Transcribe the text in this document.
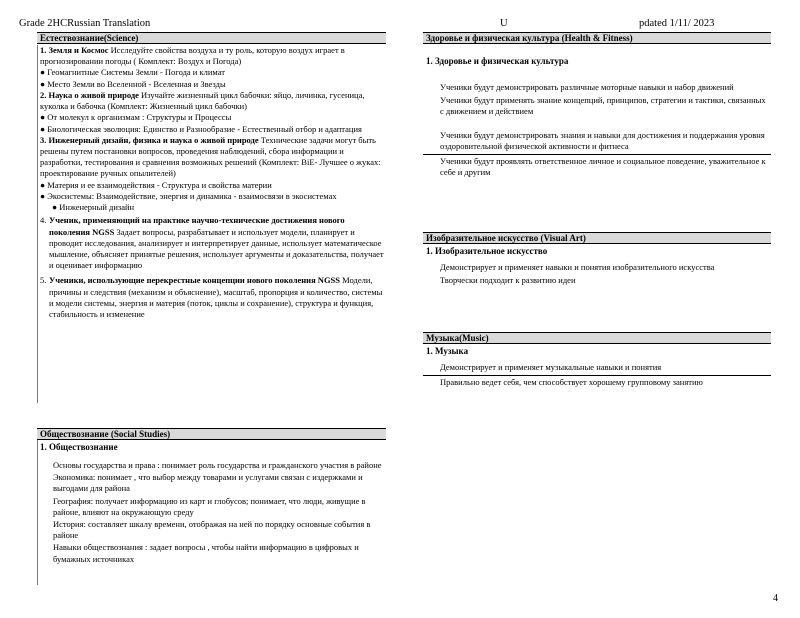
Grade 2HCRussian Translation	U	pdated 1/11/ 2023
Естествознание(Science)

1. Земля и Космос Исследуйте свойства воздуха и ту роль, которую воздух играет в прогнозировании погоды ( Комплект: Воздух и Погода)

● Геомагнитные Системы Земли - Погода и климат

● Место Земли во Вселенной - Вселенная и Звезды

2. Наука о живой природе Изучайте жизненный цикл бабочки: яйцо, личинка, гусеница, куколка и бабочка (Комплект: Жизненный цикл бабочки)

● От молекул к организмам : Структуры и Процессы

● Биологическая эволюция: Единство и Разнообразие - Естественный отбор и адаптация

3. Инженерный дизайн, физика и наука о живой природе Технические задачи могут быть решены путем постановки вопросов, проведения наблюдений, сбора информации и разработки, тестирования и сравнения возможных решений (Комплект: BiE- Лучшее о жуках: проектирование ручных опылителей)

● Материя и ее взаимодействия - Структура и свойства материи

● Экосистемы: Взаимодействие, энергия и динамика - взаимосвязи в экосистемах

● Инженерный дизайн

4. Ученик, применяющий на практике научно-технические достижения нового поколения NGSS Задает вопросы, разрабатывает и использует модели, планирует и проводит исследования, анализирует и интерпретирует данные, использует математическое мышление, объясняет принятые решения, использует аргументы и доказательства, получает и оценивает информацию

5. Ученики, использующие перекрестные концепции нового поколения NGSS Модели, причины и следствия (механизм и объяснение), масштаб, пропорция и количество, системы и модели системы, энергия и материя (поток, циклы и сохранение), структура и функция, стабильность и изменение

Обществознание (Social Studies)

1. Обществознание

Основы государства и права : понимает роль государства и гражданского участия в районе

Экономика: понимает , что выбор между товарами и услугами связан с издержками и выгодами для района

География: получает информацию из карт и глобусов; понимает, что люди, живущие в районе, влияют на окружающую среду

История: составляет шкалу времени, отображая на ней по порядку основные события в районе

Навыки обществознания : задает вопросы , чтобы найти информацию в цифровых и бумажных источниках

Здоровье и физическая культура (Health & Fitness)

1. Здоровье и физическая культура

Ученики будут демонстрировать различные моторные навыки и набор движений

Ученики будут применять знание концепций, принципов, стратегии и тактики, связанных с движением и действием

Ученики будут демонстрировать знания и навыки для достижения и поддержания уровня оздоровительной физической активности и фитнеса

Ученики будут проявлять ответственное личное и социальное поведение, уважительное к себе и другим

Изобразительное искусство (Visual Art)

1. Изобразительное искусство

Демонстрирует и применяет навыки и понятия изобразительного искусства

Творчески подходит к развитию идеи

Музыка(Music)

1. Музыка

Демонстрирует и применяет музыкальные навыки и понятия

Правильно ведет себя, чем способствует хорошему групповому занятию

4
